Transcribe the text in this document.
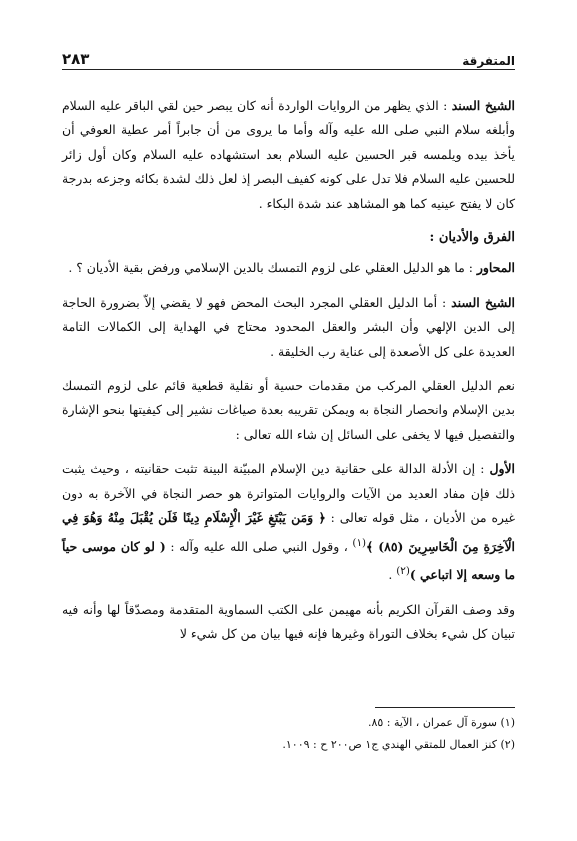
المتفرقة
٢٨٣

الشيخ السند : الذي يظهر من الروايات الواردة أنه كان يبصر حين لقي الباقر عليه السلام وأبلغه سلام النبي صلى الله عليه وآله وأما ما يروى من أن جابراً أمر عطية العوفي أن يأخذ بيده ويلمسه قبر الحسين عليه السلام بعد استشهاده عليه السلام وكان أول زائر للحسين عليه السلام فلا تدل على كونه كفيف البصر إذ لعل ذلك لشدة بكائه وجزعه بدرجة كان لا يفتح عينيه كما هو المشاهد عند شدة البكاء .

الفرق والأديان :

المحاور : ما هو الدليل العقلي على لزوم التمسك بالدين الإسلامي ورفض بقية الأديان ؟ .

الشيخ السند : أما الدليل العقلي المجرد البحث المحض فهو لا يقضي إلاّ بضرورة الحاجة إلى الدين الإلهي وأن البشر والعقل المحدود محتاج في الهداية إلى الكمالات التامة العديدة على كل الأصعدة إلى عناية رب الخليقة .

نعم الدليل العقلي المركب من مقدمات حسية أو نقلية قطعية قائم على لزوم التمسك بدين الإسلام وانحصار النجاة به ويمكن تقريبه بعدة صياغات نشير إلى كيفيتها بنحو الإشارة والتفصيل فيها لا يخفى على السائل إن شاء الله تعالى :

الأول : إن الأدلة الدالة على حقانية دين الإسلام المبيّنة البينة تثبت حقانيته ، وحيث يثبت ذلك فإن مفاد العديد من الآيات والروايات المتواترة هو حصر النجاة في الآخرة به دون غيره من الأديان ، مثل قوله تعالى : ﴿ وَمَن يَبْتَغِ غَيْرَ الْإِسْلَامِ دِينًا فَلَن يُقْبَلَ مِنْهُ وَهُوَ فِي الْآخِرَةِ مِنَ الْخَاسِرِينَ (٨٥) ﴾$^{(١)}$ ، وقول النبي صلى الله عليه وآله : ( لو كان موسى حياً ما وسعه إلا اتباعي )$^{(٢)}$ .

وقد وصف القرآن الكريم بأنه مهيمن على الكتب السماوية المتقدمة ومصدّقاً لها وأنه فيه تبيان كل شيء بخلاف التوراة وغيرها فإنه فيها بيان من كل شيء لا

(١) سورة آل عمران ، الآية : ٨٥.
(٢) كنز العمال للمتقي الهندي ج١ ص٢٠٠ ح : ١٠٠٩.
